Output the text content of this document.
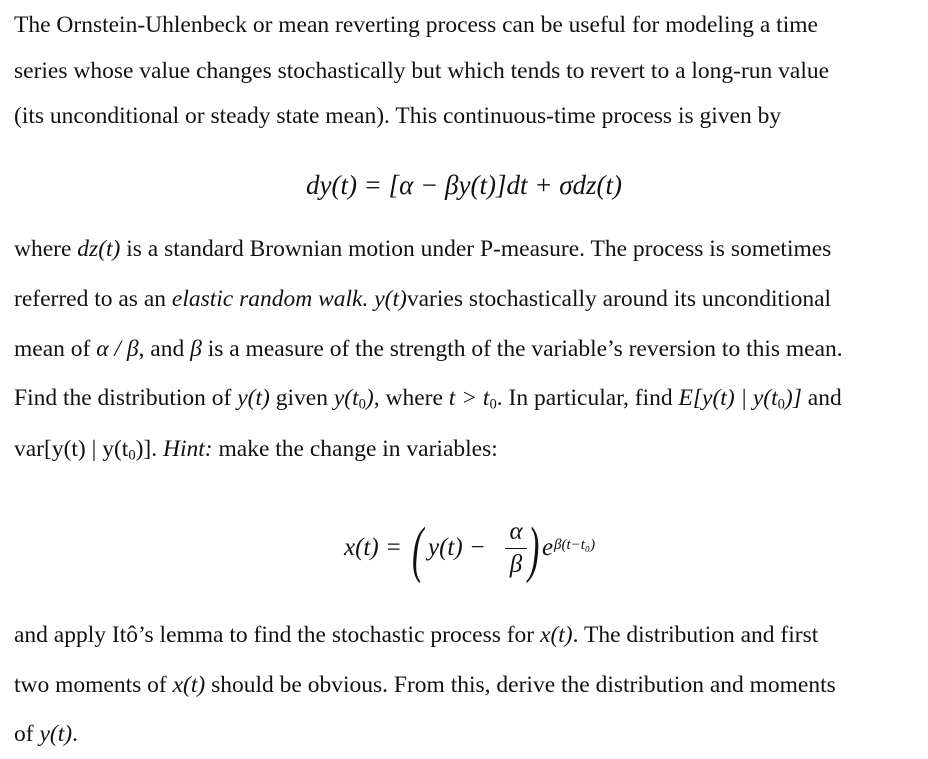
The Ornstein-Uhlenbeck or mean reverting process can be useful for modeling a time
series whose value changes stochastically but which tends to revert to a long-run value
(its unconditional or steady state mean). This continuous-time process is given by
dy(t) = [α − βy(t)]dt + σdz(t)
where dz(t) is a standard Brownian motion under P-measure. The process is sometimes
referred to as an elastic random walk. y(t)varies stochastically around its unconditional
mean of α / β, and β is a measure of the strength of the variable’s reversion to this mean.
Find the distribution of y(t) given $y(t_0)$, where $t > t_0$. In particular, find E[y(t) | $y(t_0)$] and
var[y(t) | $y(t_0)$]. Hint: make the change in variables:
x(t) = ( y(t) −
α
β ) e β(t−t₀)
and apply Itô’s lemma to find the stochastic process for x(t). The distribution and first
two moments of x(t) should be obvious. From this, derive the distribution and moments
of y(t).
